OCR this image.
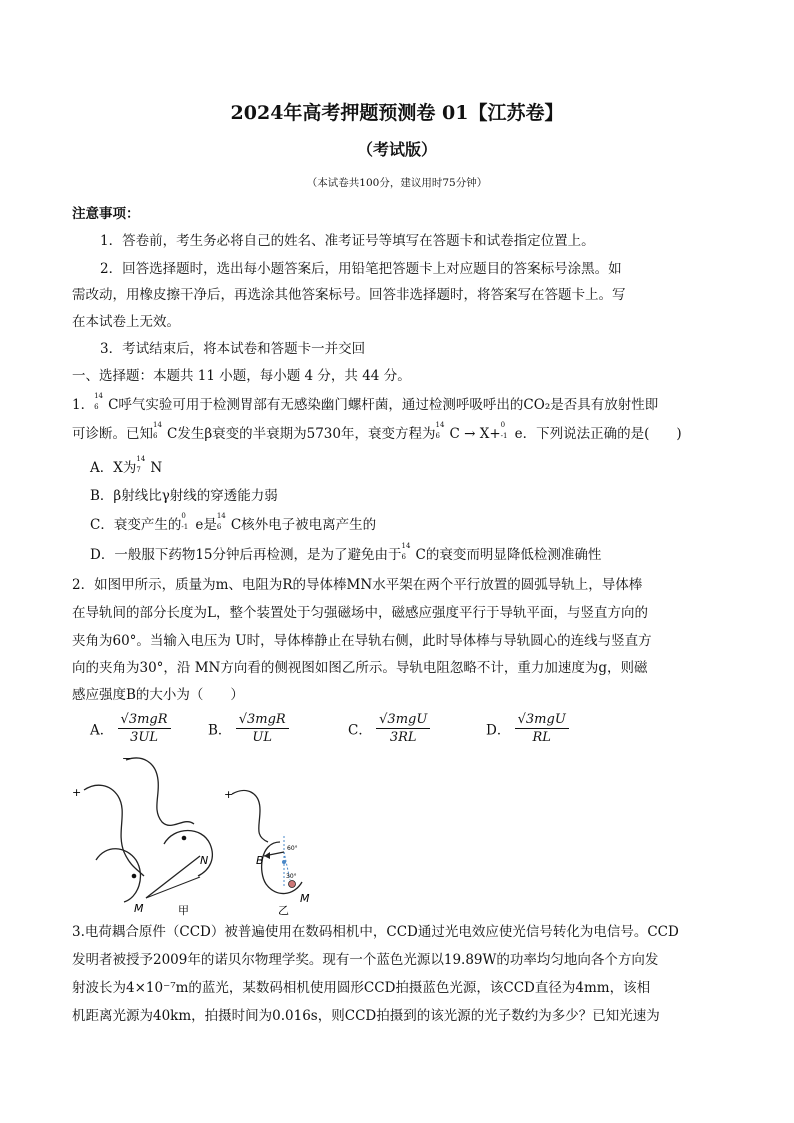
2024年高考押题预测卷 01【江苏卷】
（考试版）
（本试卷共100分，建议用时75分钟）
注意事项：
1．答卷前，考生务必将自己的姓名、准考证号等填写在答题卡和试卷指定位置上。
2．回答选择题时，选出每小题答案后，用铅笔把答题卡上对应题目的答案标号涂黑。如
需改动，用橡皮擦干净后，再选涂其他答案标号。回答非选择题时，将答案写在答题卡上。写
在本试卷上无效。
3．考试结束后，将本试卷和答题卡一并交回
一、选择题：本题共 11 小题，每小题 4 分，共 44 分。
1．
14
6 C呼气实验可用于检测胃部有无感染幽门螺杆菌，通过检测呼吸呼出的CO₂是否具有放射性即
可诊断。已知
14
6 C发生β衰变的半衰期为5730年，衰变方程为
14
6 C → X+
0
-1 e．下列说法正确的是(　　)
A．X为
14
7 N
B．β射线比γ射线的穿透能力弱
C．衰变产生的
0
-1 e是
14
6 C核外电子被电离产生的
D．一般服下药物15分钟后再检测，是为了避免由于
14
6 C的衰变而明显降低检测准确性
2．如图甲所示，质量为m、电阻为R的导体棒MN水平架在两个平行放置的圆弧导轨上，导体棒
在导轨间的部分长度为L，整个装置处于匀强磁场中，磁感应强度平行于导轨平面，与竖直方向的
夹角为60°。当输入电压为 U时，导体棒静止在导轨右侧，此时导体棒与导轨圆心的连线与竖直方
向的夹角为30°，沿 MN方向看的侧视图如图乙所示。导轨电阻忽略不计，重力加速度为g，则磁
感应强度B的大小为（　　）
A． $\frac{\text{√3mgR}}{3UL}$	B． $\frac{\text{√3mgR}}{UL}$	C． $\frac{\text{√3mgU}}{3RL}$	D． $\frac{\text{√3mgU}}{RL}$
+
−
M
N
甲
+
B
M
60°
30°
乙
3.电荷耦合原件（CCD）被普遍使用在数码相机中，CCD通过光电效应使光信号转化为电信号。CCD
发明者被授予2009年的诺贝尔物理学奖。现有一个蓝色光源以19.89W的功率均匀地向各个方向发
射波长为4×10⁻⁷m的蓝光，某数码相机使用圆形CCD拍摄蓝色光源，该CCD直径为4mm，该相
机距离光源为40km，拍摄时间为0.016s，则CCD拍摄到的该光源的光子数约为多少？已知光速为
